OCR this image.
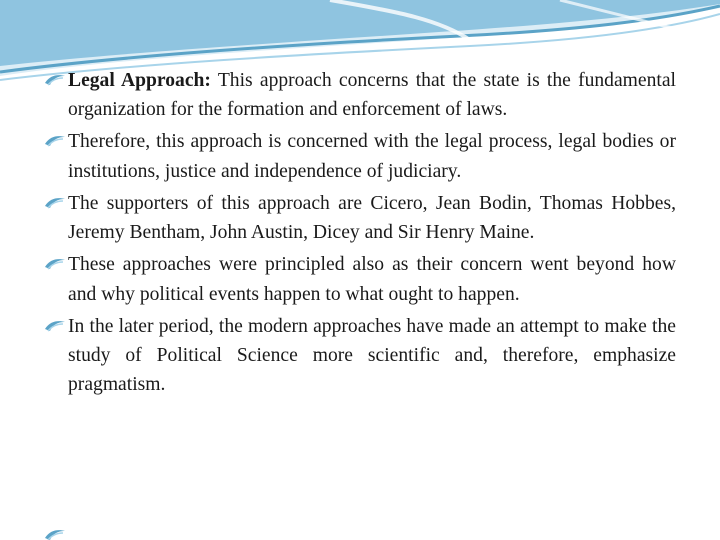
Legal Approach: This approach concerns that the state is the fundamental organization for the formation and enforcement of laws.
Therefore, this approach is concerned with the legal process, legal bodies or institutions, justice and independence of judiciary.
The supporters of this approach are Cicero, Jean Bodin, Thomas Hobbes, Jeremy Bentham, John Austin, Dicey and Sir Henry Maine.
These approaches were principled also as their concern went beyond how and why political events happen to what ought to happen.
In the later period, the modern approaches have made an attempt to make the study of Political Science more scientific and, therefore, emphasize pragmatism.
